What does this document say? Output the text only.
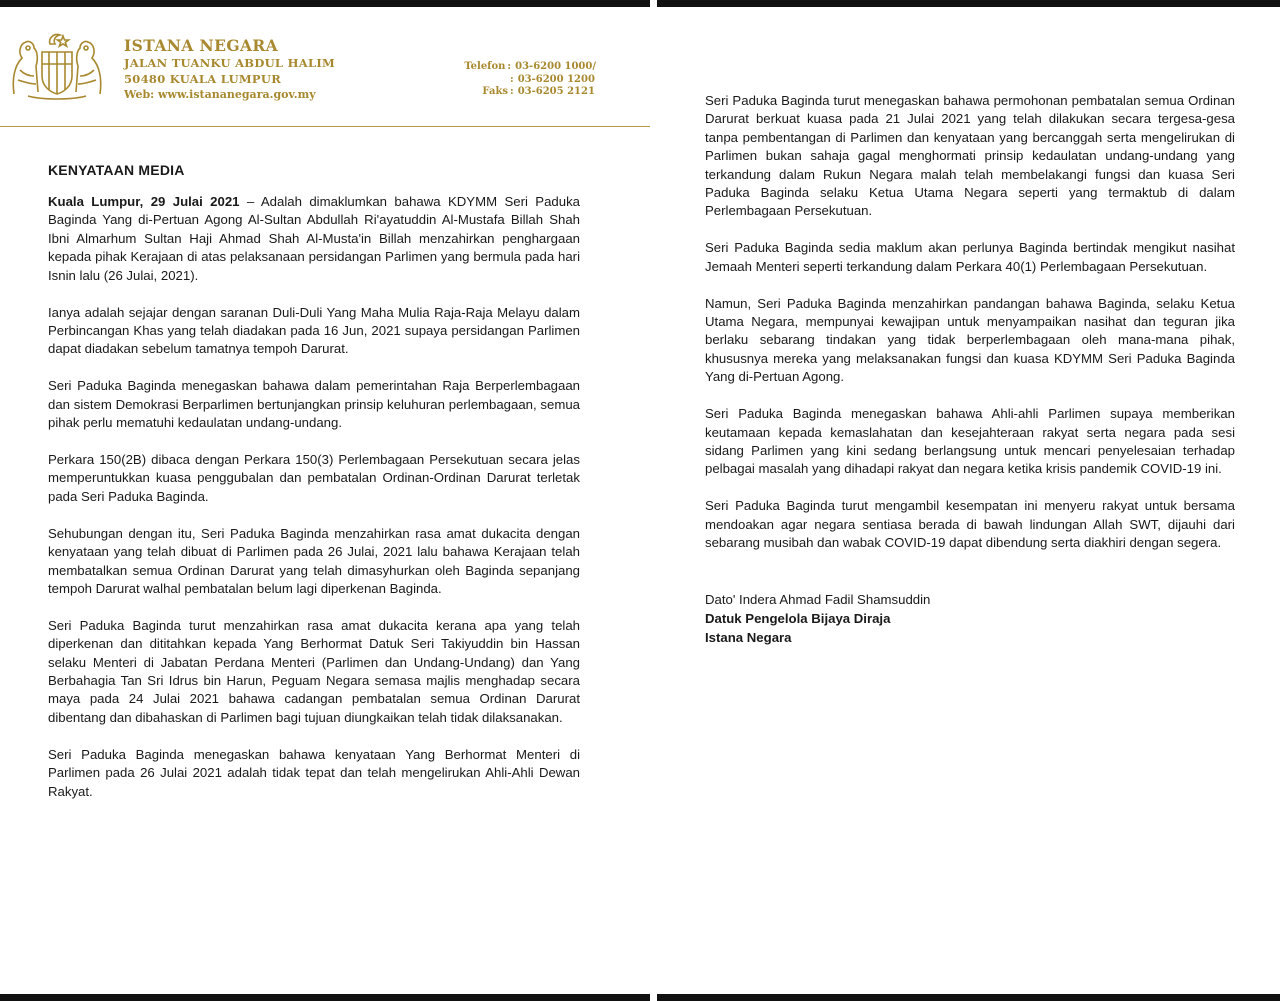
ISTANA NEGARA
JALAN TUANKU ABDUL HALIM
50480 KUALA LUMPUR
Web: www.istananegara.gov.my
Telefon : 03-6200 1000/
: 03-6200 1200
Faks : 03-6205 2121
KENYATAAN MEDIA

Kuala Lumpur, 29 Julai 2021 – Adalah dimaklumkan bahawa KDYMM Seri Paduka Baginda Yang di-Pertuan Agong Al-Sultan Abdullah Ri'ayatuddin Al-Mustafa Billah Shah Ibni Almarhum Sultan Haji Ahmad Shah Al-Musta'in Billah menzahirkan penghargaan kepada pihak Kerajaan di atas pelaksanaan persidangan Parlimen yang bermula pada hari Isnin lalu (26 Julai, 2021).

Ianya adalah sejajar dengan saranan Duli-Duli Yang Maha Mulia Raja-Raja Melayu dalam Perbincangan Khas yang telah diadakan pada 16 Jun, 2021 supaya persidangan Parlimen dapat diadakan sebelum tamatnya tempoh Darurat.

Seri Paduka Baginda menegaskan bahawa dalam pemerintahan Raja Berperlembagaan dan sistem Demokrasi Berparlimen bertunjangkan prinsip keluhuran perlembagaan, semua pihak perlu mematuhi kedaulatan undang-undang.

Perkara 150(2B) dibaca dengan Perkara 150(3) Perlembagaan Persekutuan secara jelas memperuntukkan kuasa penggubalan dan pembatalan Ordinan-Ordinan Darurat terletak pada Seri Paduka Baginda.

Sehubungan dengan itu, Seri Paduka Baginda menzahirkan rasa amat dukacita dengan kenyataan yang telah dibuat di Parlimen pada 26 Julai, 2021 lalu bahawa Kerajaan telah membatalkan semua Ordinan Darurat yang telah dimasyhurkan oleh Baginda sepanjang tempoh Darurat walhal pembatalan belum lagi diperkenan Baginda.

Seri Paduka Baginda turut menzahirkan rasa amat dukacita kerana apa yang telah diperkenan dan dititahkan kepada Yang Berhormat Datuk Seri Takiyuddin bin Hassan selaku Menteri di Jabatan Perdana Menteri (Parlimen dan Undang-Undang) dan Yang Berbahagia Tan Sri Idrus bin Harun, Peguam Negara semasa majlis menghadap secara maya pada 24 Julai 2021 bahawa cadangan pembatalan semua Ordinan Darurat dibentang dan dibahaskan di Parlimen bagi tujuan diungkaikan telah tidak dilaksanakan.

Seri Paduka Baginda menegaskan bahawa kenyataan Yang Berhormat Menteri di Parlimen pada 26 Julai 2021 adalah tidak tepat dan telah mengelirukan Ahli-Ahli Dewan Rakyat.

Seri Paduka Baginda turut menegaskan bahawa permohonan pembatalan semua Ordinan Darurat berkuat kuasa pada 21 Julai 2021 yang telah dilakukan secara tergesa-gesa tanpa pembentangan di Parlimen dan kenyataan yang bercanggah serta mengelirukan di Parlimen bukan sahaja gagal menghormati prinsip kedaulatan undang-undang yang terkandung dalam Rukun Negara malah telah membelakangi fungsi dan kuasa Seri Paduka Baginda selaku Ketua Utama Negara seperti yang termaktub di dalam Perlembagaan Persekutuan.

Seri Paduka Baginda sedia maklum akan perlunya Baginda bertindak mengikut nasihat Jemaah Menteri seperti terkandung dalam Perkara 40(1) Perlembagaan Persekutuan.

Namun, Seri Paduka Baginda menzahirkan pandangan bahawa Baginda, selaku Ketua Utama Negara, mempunyai kewajipan untuk menyampaikan nasihat dan teguran jika berlaku sebarang tindakan yang tidak berperlembagaan oleh mana-mana pihak, khususnya mereka yang melaksanakan fungsi dan kuasa KDYMM Seri Paduka Baginda Yang di-Pertuan Agong.

Seri Paduka Baginda menegaskan bahawa Ahli-ahli Parlimen supaya memberikan keutamaan kepada kemaslahatan dan kesejahteraan rakyat serta negara pada sesi sidang Parlimen yang kini sedang berlangsung untuk mencari penyelesaian terhadap pelbagai masalah yang dihadapi rakyat dan negara ketika krisis pandemik COVID-19 ini.

Seri Paduka Baginda turut mengambil kesempatan ini menyeru rakyat untuk bersama mendoakan agar negara sentiasa berada di bawah lindungan Allah SWT, dijauhi dari sebarang musibah dan wabak COVID-19 dapat dibendung serta diakhiri dengan segera.

Dato' Indera Ahmad Fadil Shamsuddin
Datuk Pengelola Bijaya Diraja
Istana Negara
